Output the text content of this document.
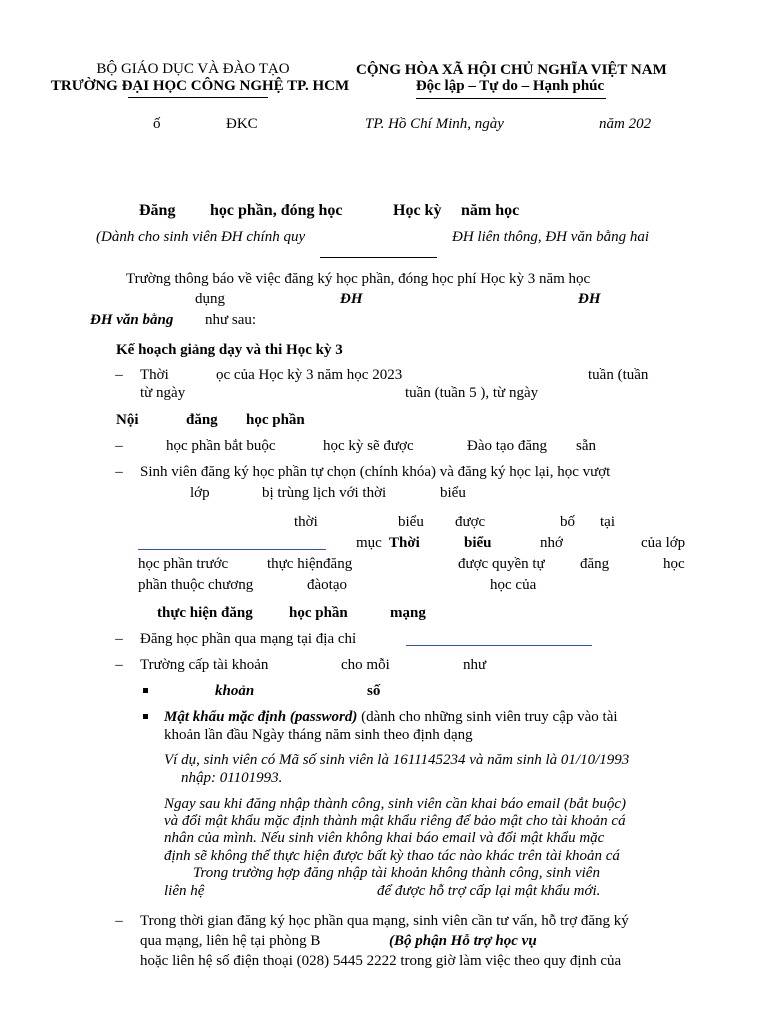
BỘ GIÁO DỤC VÀ ĐÀO TẠO
TRƯỜNG ĐẠI HỌC CÔNG NGHỆ TP. HCM
CỘNG HÒA XÃ HỘI CHỦ NGHĨA VIỆT NAM
Độc lập – Tự do – Hạnh phúc
ố	ĐKC	TP. Hồ Chí Minh, ngày	năm 202
Đăng học phần, đóng học	Học kỳ năm học
(Dành cho sinh viên ĐH chính quy	ĐH liên thông, ĐH văn bằng hai
Trường thông báo về việc đăng ký học phần, đóng học phí Học kỳ 3 năm học
dụng	ĐH	ĐH
ĐH văn bằng như sau:
Kế hoạch giảng dạy và thi Học kỳ 3
– Thời	ọc của Học kỳ 3 năm học 2023	tuần (tuần
từ ngày	tuần (tuần 5 ), từ ngày
Nội	đăng học phần
–	học phần bắt buộc	học kỳ sẽ được	Đào tạo đăng sẵn
– Sinh viên đăng ký học phần tự chọn (chính khóa) và đăng ký học lại, học vượt
lớp	bị trùng lịch với thời	biểu
thời	biểu được	bố tại
mục Thời	biểu	nhớ	của lớp
học phần trước	thực hiệnđăng	được quyền tự đăng	học
phần thuộc chương	đàotạo	học của
thực hiện đăng học phần	mạng
– Đăng học phần qua mạng tại địa chỉ
– Trường cấp tài khoản	cho mỗi	như
khoản	số
Mật khẩu mặc định (password) (dành cho những sinh viên truy cập vào tài
khoản lần đầu Ngày tháng năm sinh theo định dạng
Ví dụ, sinh viên có Mã số sinh viên là 1611145234 và năm sinh là 01/10/1993
nhập: 01101993.
Ngay sau khi đăng nhập thành công, sinh viên cần khai báo email (bắt buộc)
và đổi mật khẩu mặc định thành mật khẩu riêng để bảo mật cho tài khoản cá
nhân của mình. Nếu sinh viên không khai báo email và đổi mật khẩu mặc
định sẽ không thể thực hiện được bất kỳ thao tác nào khác trên tài khoản cá
Trong trường hợp đăng nhập tài khoản không thành công, sinh viên
liên hệ	để được hỗ trợ cấp lại mật khẩu mới.
– Trong thời gian đăng ký học phần qua mạng, sinh viên cần tư vấn, hỗ trợ đăng ký
qua mạng, liên hệ tại phòng B	(Bộ phận Hỗ trợ học vụ
hoặc liên hệ số điện thoại (028) 5445 2222 trong giờ làm việc theo quy định của
